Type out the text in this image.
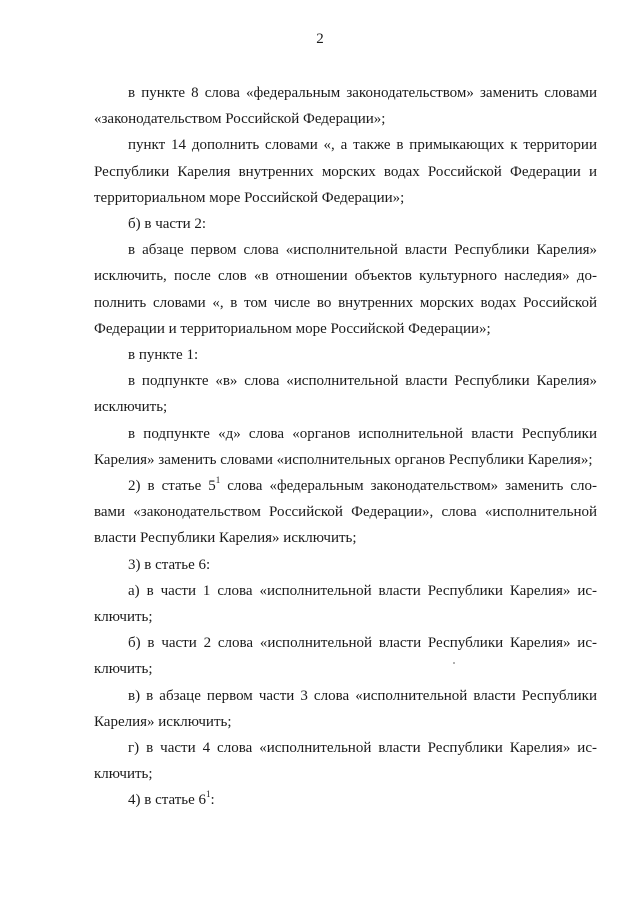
2

в пункте 8 слова «федеральным законодательством» заменить словами «законодательством Российской Федерации»;

пункт 14 дополнить словами «, а также в примыкающих к территории Республики Карелия внутренних морских водах Российской Федерации и территориальном море Российской Федерации»;

б) в части 2:

в абзаце первом слова «исполнительной власти Республики Карелия» исключить, после слов «в отношении объектов культурного наследия» дополнить словами «, в том числе во внутренних морских водах Российской Федерации и территориальном море Российской Федерации»;

в пункте 1:

в подпункте «в» слова «исполнительной власти Республики Карелия» исключить;

в подпункте «д» слова «органов исполнительной власти Республики Карелия» заменить словами «исполнительных органов Республики Карелия»;

2) в статье $5^1$ слова «федеральным законодательством» заменить словами «законодательством Российской Федерации», слова «исполнительной власти Республики Карелия» исключить;

3) в статье 6:

а) в части 1 слова «исполнительной власти Республики Карелия» исключить;

б) в части 2 слова «исполнительной власти Республики Карелия» исключить;

в) в абзаце первом части 3 слова «исполнительной власти Республики Карелия» исключить;

г) в части 4 слова «исполнительной власти Республики Карелия» исключить;

4) в статье $6^1$:
